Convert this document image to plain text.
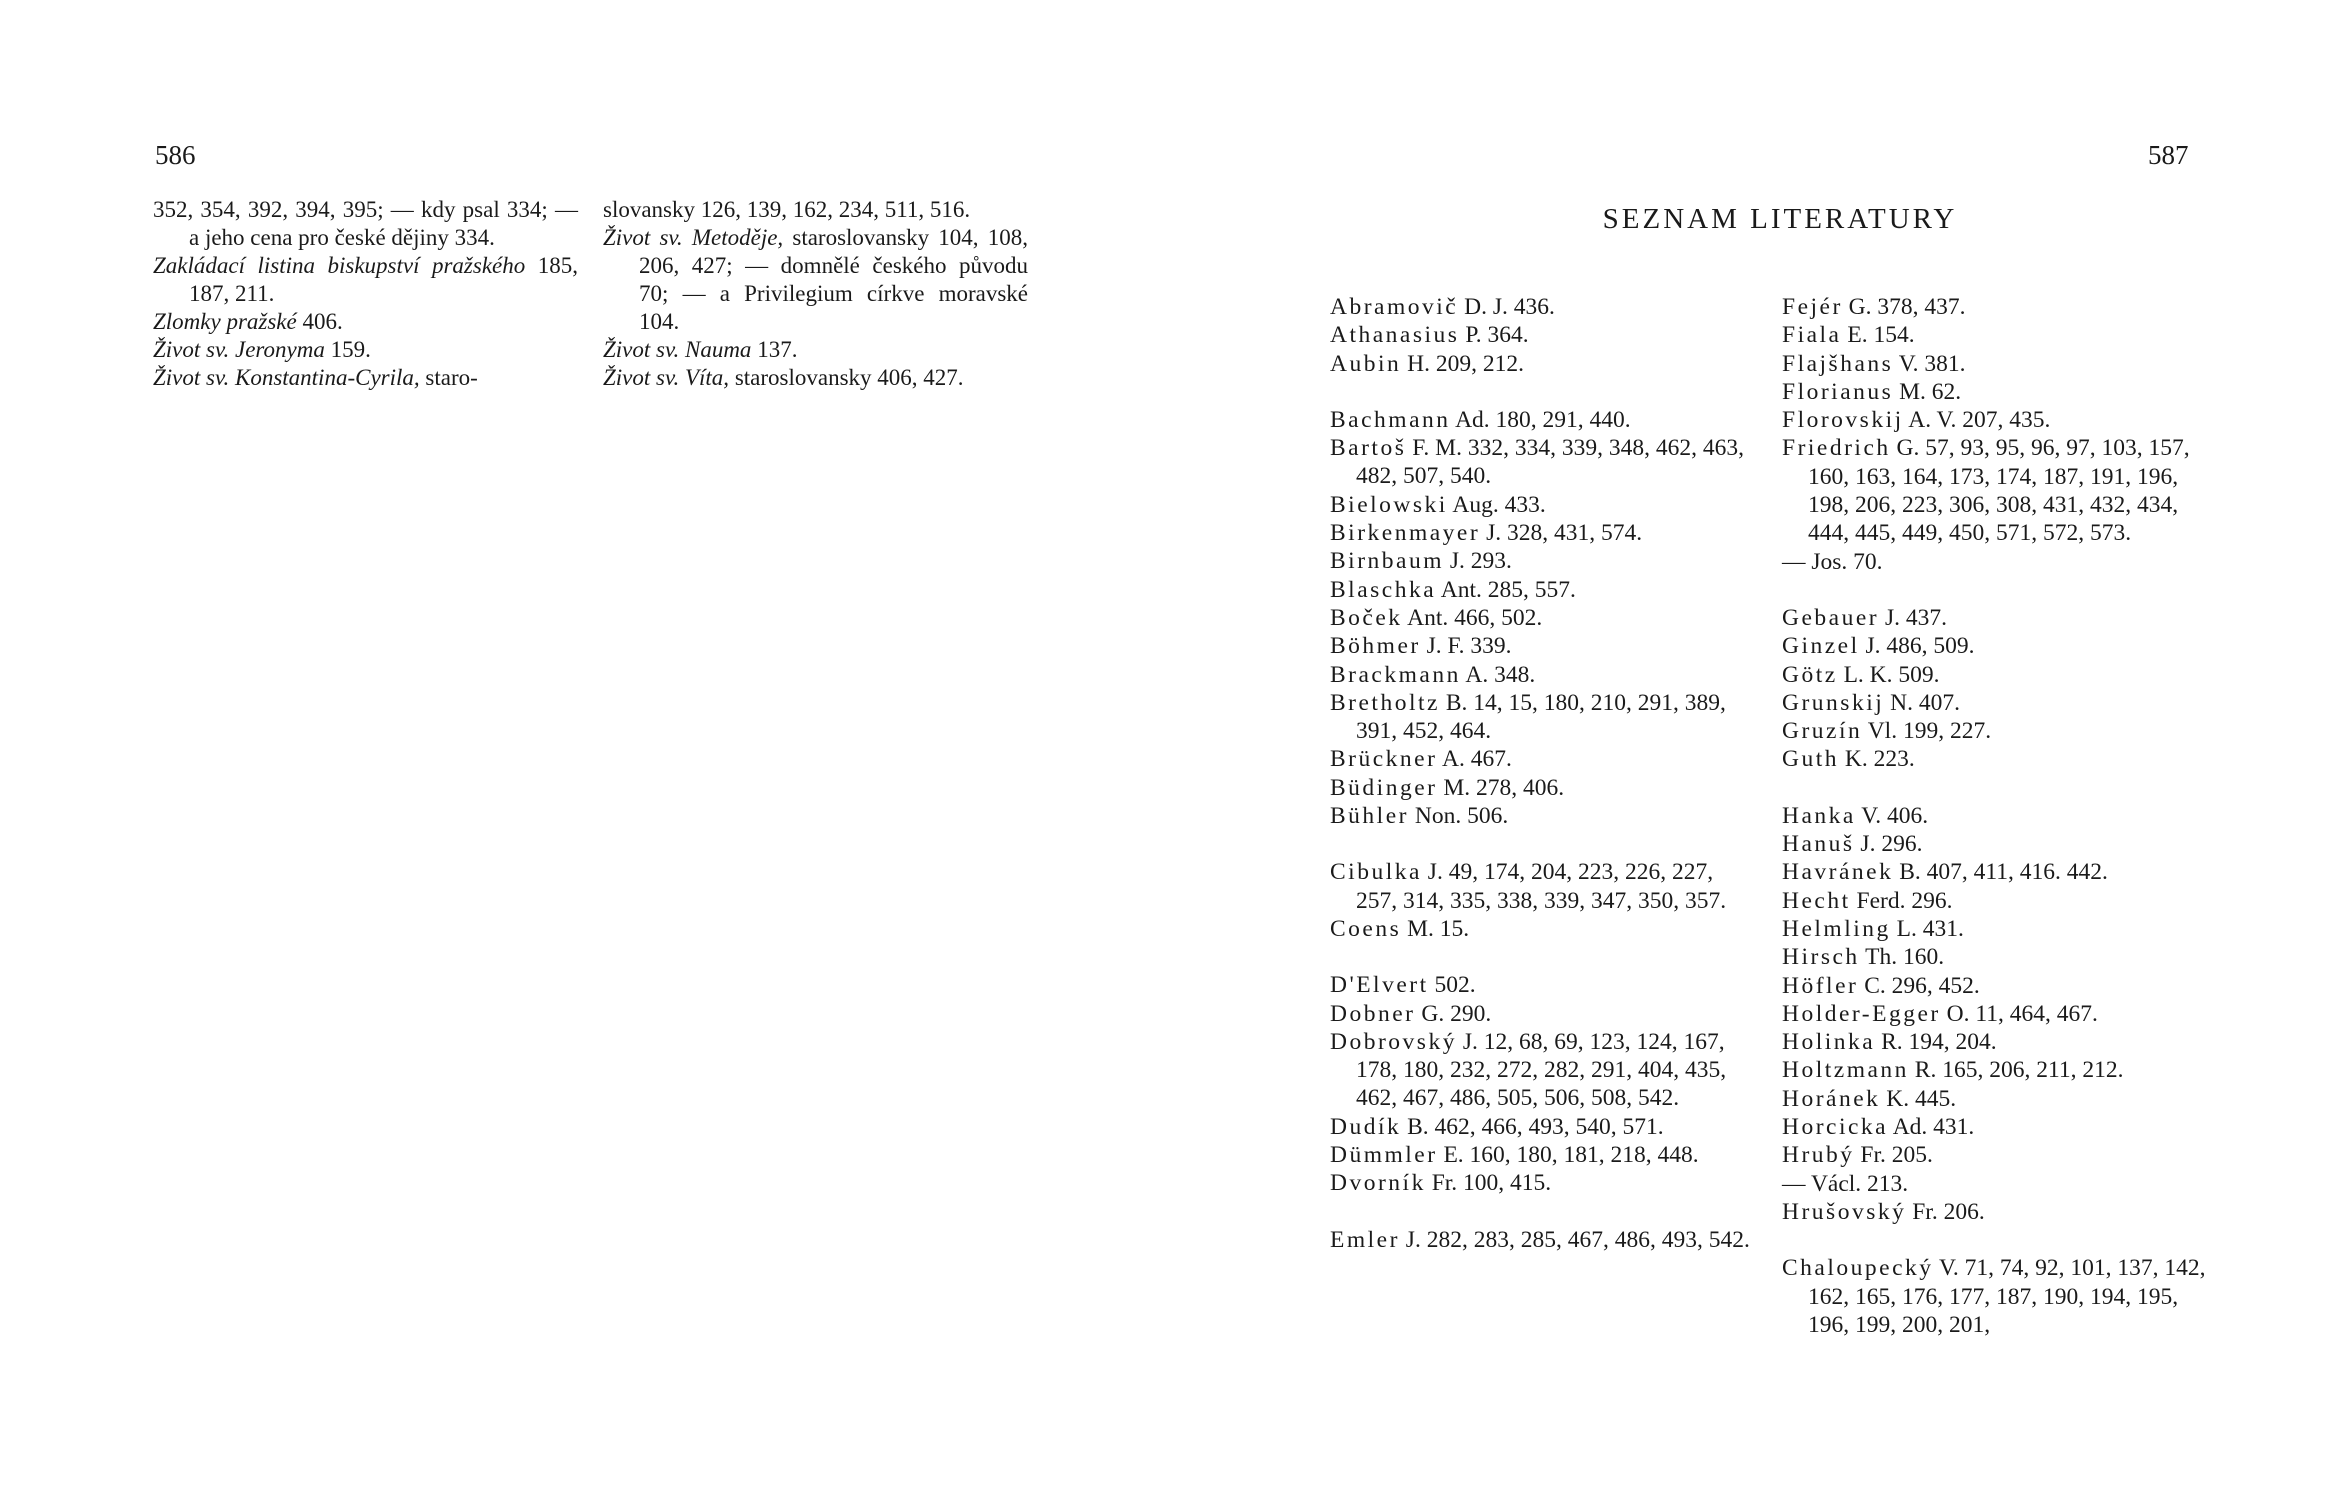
586	587
352, 354, 392, 394, 395; — kdy psal 334; — a jeho cena pro české dějiny 334.
Zakládací listina biskupství pražského 185, 187, 211.
Zlomky pražské 406.
Život sv. Jeronyma 159.
Život sv. Konstantina-Cyrila, staro-
slovansky 126, 139, 162, 234, 511, 516.
Život sv. Metoděje, staroslovansky 104, 108, 206, 427; — domnělé českého původu 70; — a Privilegium církve moravské 104.
Život sv. Nauma 137.
Život sv. Víta, staroslovansky 406, 427.
SEZNAM LITERATURY
Abramovič D. J. 436.
Athanasius P. 364.
Aubin H. 209, 212.
Bachmann Ad. 180, 291, 440.
Bartoš F. M. 332, 334, 339, 348, 462, 463, 482, 507, 540.
Bielowski Aug. 433.
Birkenmayer J. 328, 431, 574.
Birnbaum J. 293.
Blaschka Ant. 285, 557.
Boček Ant. 466, 502.
Böhmer J. F. 339.
Brackmann A. 348.
Bretholtz B. 14, 15, 180, 210, 291, 389, 391, 452, 464.
Brückner A. 467.
Büdinger M. 278, 406.
Bühler Non. 506.
Cibulka J. 49, 174, 204, 223, 226, 227, 257, 314, 335, 338, 339, 347, 350, 357.
Coens M. 15.
D'Elvert 502.
Dobner G. 290.
Dobrovský J. 12, 68, 69, 123, 124, 167, 178, 180, 232, 272, 282, 291, 404, 435, 462, 467, 486, 505, 506, 508, 542.
Dudík B. 462, 466, 493, 540, 571.
Dümmler E. 160, 180, 181, 218, 448.
Dvorník Fr. 100, 415.
Emler J. 282, 283, 285, 467, 486, 493, 542.
Fejér G. 378, 437.
Fiala E. 154.
Flajšhans V. 381.
Florianus M. 62.
Florovskij A. V. 207, 435.
Friedrich G. 57, 93, 95, 96, 97, 103, 157, 160, 163, 164, 173, 174, 187, 191, 196, 198, 206, 223, 306, 308, 431, 432, 434, 444, 445, 449, 450, 571, 572, 573.
— Jos. 70.
Gebauer J. 437.
Ginzel J. 486, 509.
Götz L. K. 509.
Grunskij N. 407.
Gruzín Vl. 199, 227.
Guth K. 223.
Hanka V. 406.
Hanuš J. 296.
Havránek B. 407, 411, 416. 442.
Hecht Ferd. 296.
Helmling L. 431.
Hirsch Th. 160.
Höfler C. 296, 452.
Holder-Egger O. 11, 464, 467.
Holinka R. 194, 204.
Holtzmann R. 165, 206, 211, 212.
Horánek K. 445.
Horcicka Ad. 431.
Hrubý Fr. 205.
— Václ. 213.
Hrušovský Fr. 206.
Chaloupecký V. 71, 74, 92, 101, 137, 142, 162, 165, 176, 177, 187, 190, 194, 195, 196, 199, 200, 201,
